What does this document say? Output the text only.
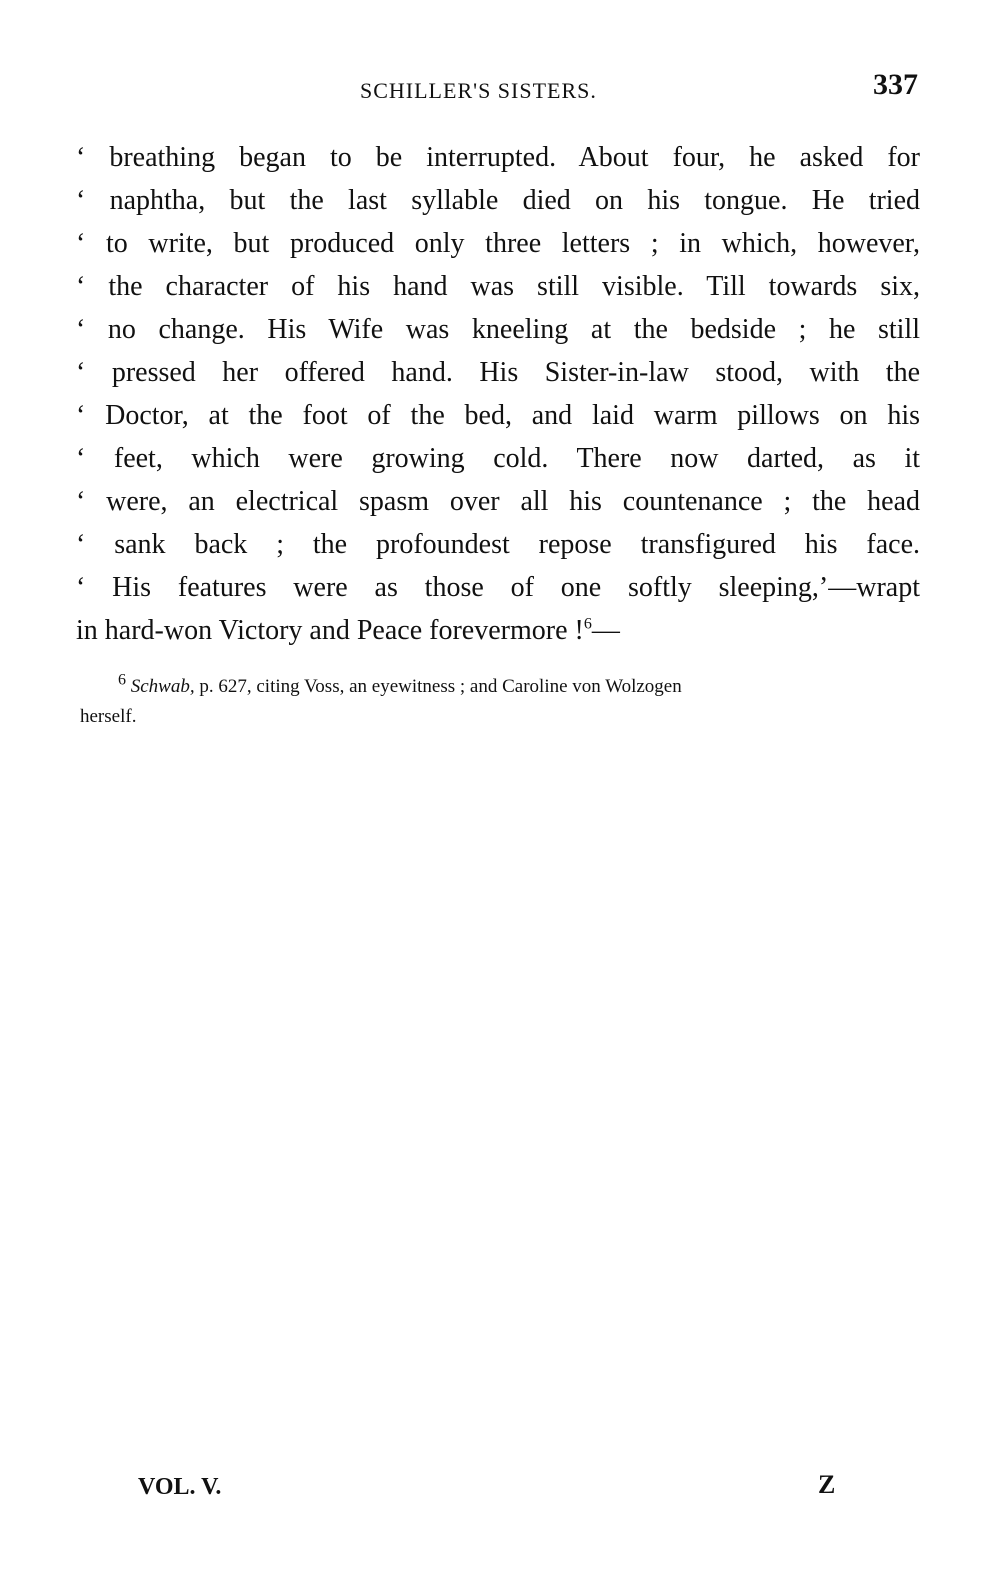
SCHILLER'S SISTERS.	337
‘ breathing began to be interrupted. About four, he asked for
‘ naphtha, but the last syllable died on his tongue. He tried
‘ to write, but produced only three letters ; in which, however,
‘ the character of his hand was still visible. Till towards six,
‘ no change. His Wife was kneeling at the bedside ; he still
‘ pressed her offered hand. His Sister-in-law stood, with the
‘ Doctor, at the foot of the bed, and laid warm pillows on his
‘ feet, which were growing cold. There now darted, as it
‘ were, an electrical spasm over all his countenance ; the head
‘ sank back ; the profoundest repose transfigured his face.
‘ His features were as those of one softly sleeping,’—wrapt
in hard-won Victory and Peace forevermore !$^6$—
$^6$ Schwab, p. 627, citing Voss, an eyewitness ; and Caroline von Wolzogen
herself.
VOL. V.	Z
